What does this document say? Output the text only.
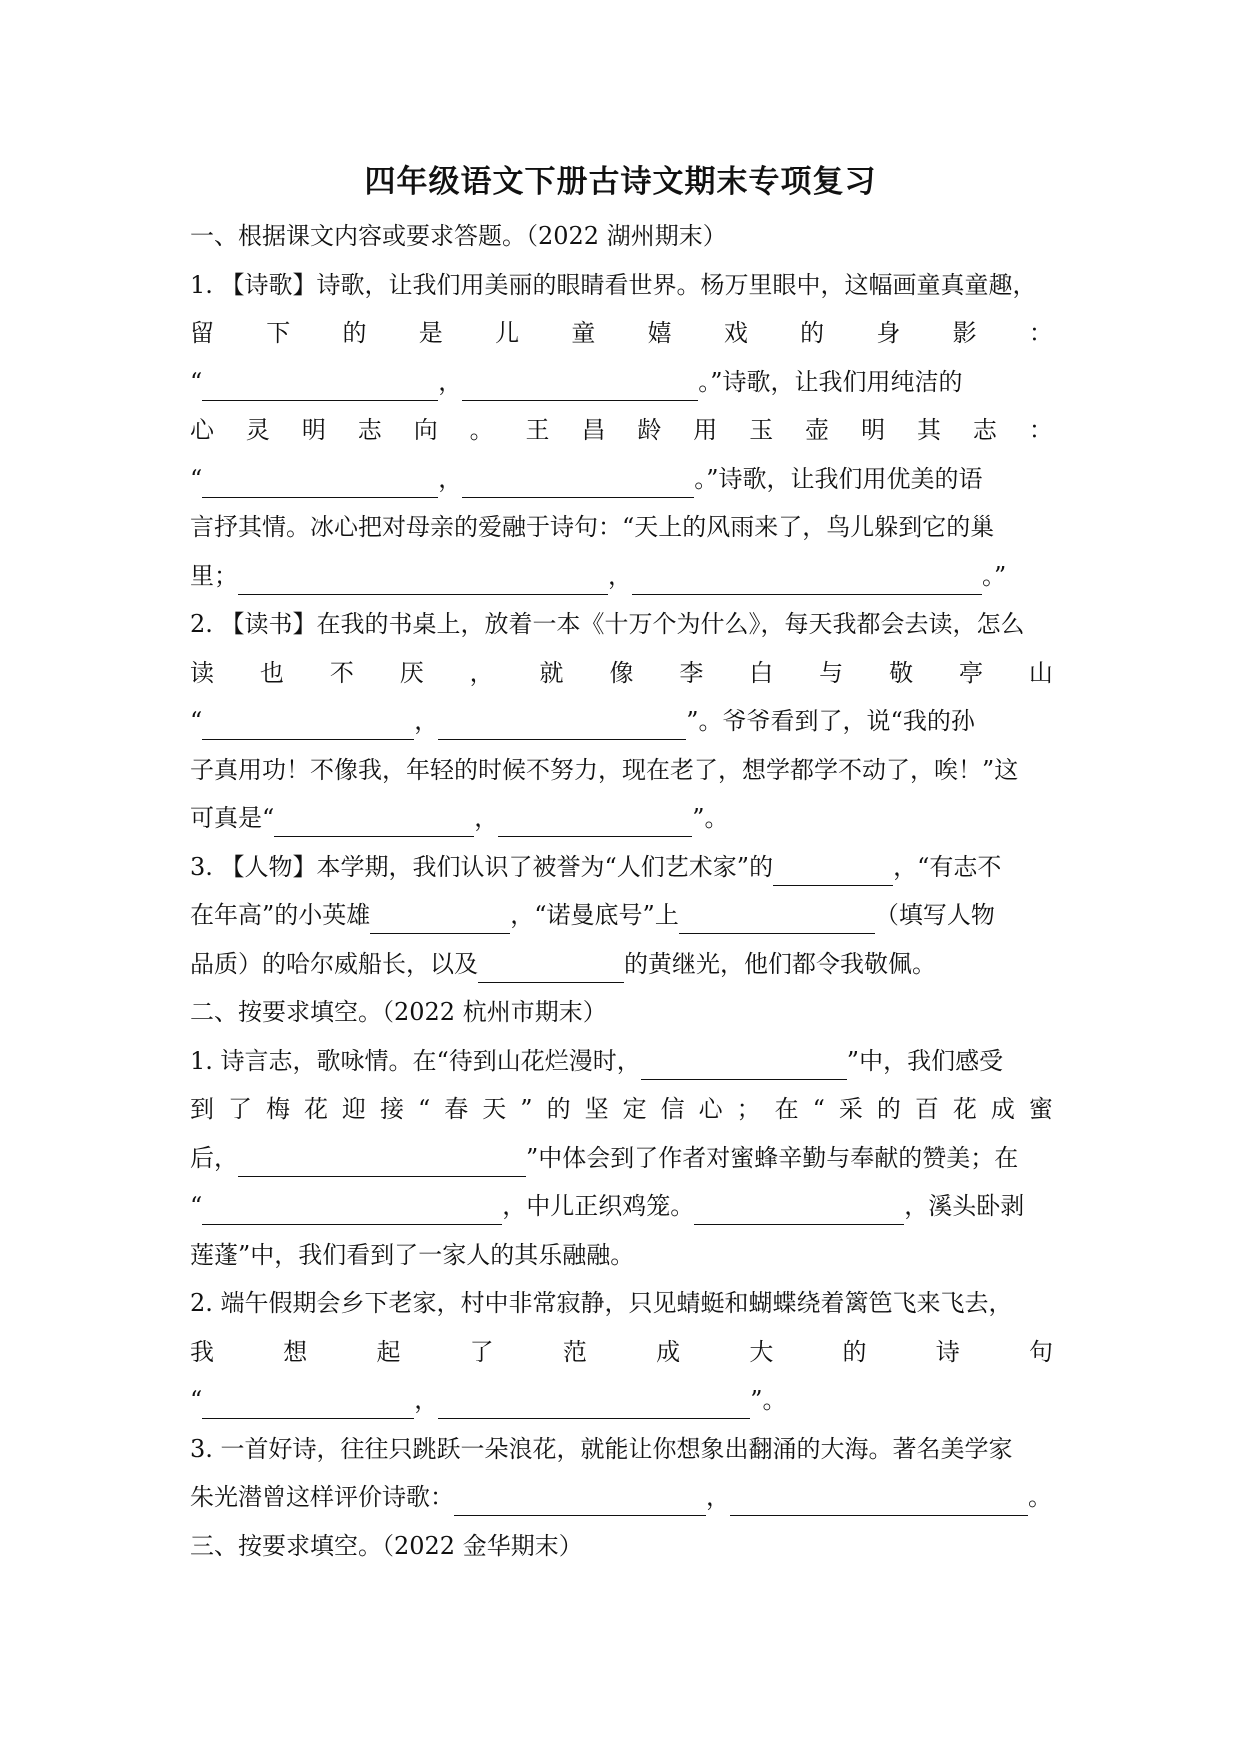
四年级语文下册古诗文期末专项复习
一、根据课文内容或要求答题。（2022 湖州期末）
1. 【诗歌】诗歌，让我们用美丽的眼睛看世界。杨万里眼中，这幅画童真童趣，
留 下 的 是 儿 童 嬉 戏 的 身 影 ：
“	，	。”诗歌，让我们用纯洁的
心 灵 明 志 向 。 王 昌 龄 用 玉 壶 明 其 志 ：
“	，	。”诗歌，让我们用优美的语
言抒其情。冰心把对母亲的爱融于诗句：“天上的风雨来了，鸟儿躲到它的巢
里；	，	。”
2. 【读书】在我的书桌上，放着一本《十万个为什么》，每天我都会去读，怎么
读 也 不 厌 ， 就 像 李 白 与 敬 亭 山
“	，	”。爷爷看到了，说“我的孙
子真用功！不像我，年轻的时候不努力，现在老了，想学都学不动了，唉！”这
可真是“	，	”。
3. 【人物】本学期，我们认识了被誉为“人们艺术家”的	，“有志不
在年高”的小英雄	，“诺曼底号”上	（填写人物
品质）的哈尔威船长，以及	的黄继光，他们都令我敬佩。
二、按要求填空。（2022 杭州市期末）
1. 诗言志，歌咏情。在“待到山花烂漫时，	”中，我们感受
到 了 梅 花 迎 接 “ 春 天 ” 的 坚 定 信 心 ； 在 “ 采 的 百 花 成 蜜
后，	”中体会到了作者对蜜蜂辛勤与奉献的赞美；在
“	，中儿正织鸡笼。	，溪头卧剥
莲蓬”中，我们看到了一家人的其乐融融。
2. 端午假期会乡下老家，村中非常寂静，只见蜻蜓和蝴蝶绕着篱笆飞来飞去，
我	想	起	了	范	成	大	的	诗	句
“	，	”。
3. 一首好诗，往往只跳跃一朵浪花，就能让你想象出翻涌的大海。著名美学家
朱光潜曾这样评价诗歌：	，	。
三、按要求填空。（2022 金华期末）
